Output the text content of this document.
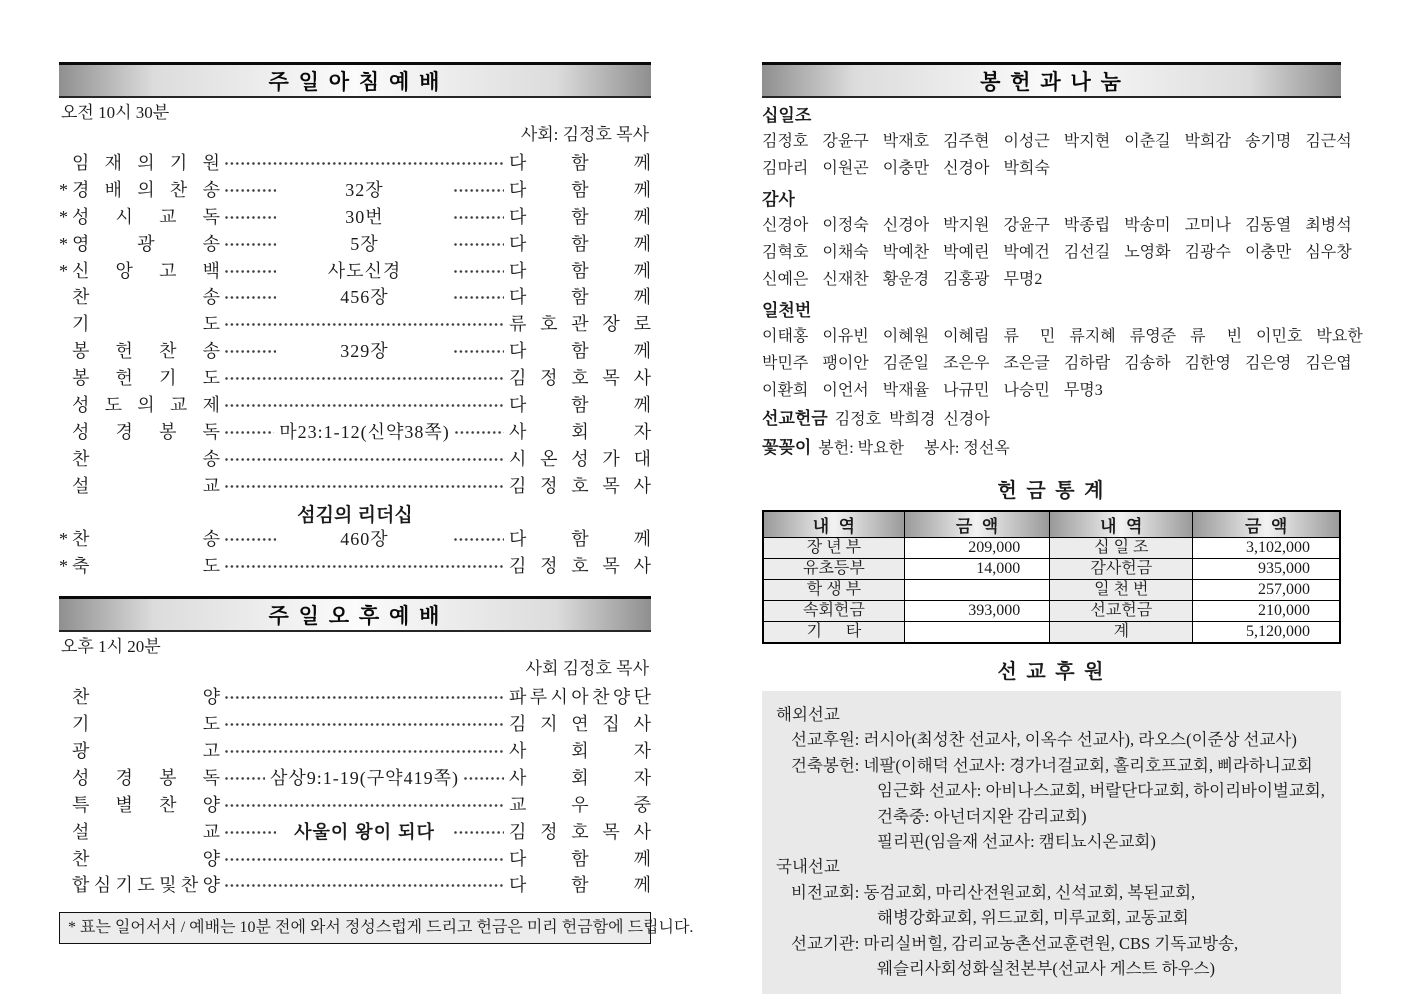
주 일 아 침 예 배
오전 10시 30분
사회: 김정호 목사
임 재 의 기 원	다 함 께
* 경 배 의 찬 송	32장	다 함 께
* 성 시 교 독	30번	다 함 께
* 영	광	송	5장	다 함 께
* 신 앙 고 백	사도신경	다 함 께
찬	송	456장	다 함 께
기	도	류 호 관 장 로
봉 헌 찬 송	329장	다 함 께
봉 헌 기 도	김 정 호 목 사
성 도 의 교 제	다 함 께
성 경 봉 독	마23:1-12(신약38쪽)	사 회 자
찬	송	시 온 성 가 대
설	교	김 정 호 목 사
섬김의 리더십
* 찬	송	460장	다 함 께
* 축	도	김 정 호 목 사
주 일 오 후 예 배
오후 1시 20분
사회 김정호 목사
찬	양	파 루 시 아 찬 양 단
기	도	김 지 연 집 사
광	고	사 회 자
성 경 봉 독	삼상9:1-19(구약419쪽)	사 회 자
특 별 찬 양	교 우 중
설	교	사울이 왕이 되다	김 정 호 목 사
찬	양	다 함 께
합 심 기 도 및 찬 양	다 함 께
* 표는 일어서서 / 예배는 10분 전에 와서 정성스럽게 드리고 헌금은 미리 헌금함에 드립니다.
봉 헌 과 나 눔
십일조
김정호  강윤구  박재호  김주현  이성근  박지현  이춘길  박희감  송기명  김근석
김마리  이원곤  이충만  신경아  박희숙
감사
신경아  이정숙  신경아  박지원  강윤구  박종립  박송미  고미나  김동열  최병석
김혁호  이채숙  박예찬  박예린  박예건  김선길  노영화  김광수  이충만  심우창
신예은  신재찬  황운경  김홍광  무명2
일천번
이태홍  이유빈  이혜원  이혜림  류   민  류지혜  류영준  류   빈  이민호  박요한
박민주  팽이안  김준일  조은우  조은글  김하람  김송하  김한영  김은영  김은엽
이환희  이언서  박재율  나규민  나승민  무명3
선교헌금 김정호  박희경  신경아
꽃꽂이 봉헌: 박요한     봉사: 정선옥
헌 금 통 계
내  역	금  액	내  역	금  액
장 년 부	209,000	십 일 조	3,102,000
유초등부	14,000	감사헌금	935,000
학 생 부		일 천 번	257,000
속회헌금	393,000	선교헌금	210,000
기      타		계	5,120,000
선 교 후 원
해외선교
선교후원: 러시아(최성찬 선교사, 이옥수 선교사), 라오스(이준상 선교사)
건축봉헌: 네팔(이해덕 선교사: 경가너걸교회, 홀리호프교회, 삐라하니교회
임근화 선교사: 아비나스교회, 버랄단다교회, 하이리바이벌교회,
건축중: 아넌더지완 감리교회)
필리핀(임을재 선교사: 캠티뇨시온교회)
국내선교
비전교회: 동검교회, 마리산전원교회, 신석교회, 복된교회,
해병강화교회, 위드교회, 미루교회, 교동교회
선교기관: 마리실버힐, 감리교농촌선교훈련원, CBS 기독교방송,
웨슬리사회성화실천본부(선교사 게스트 하우스)
